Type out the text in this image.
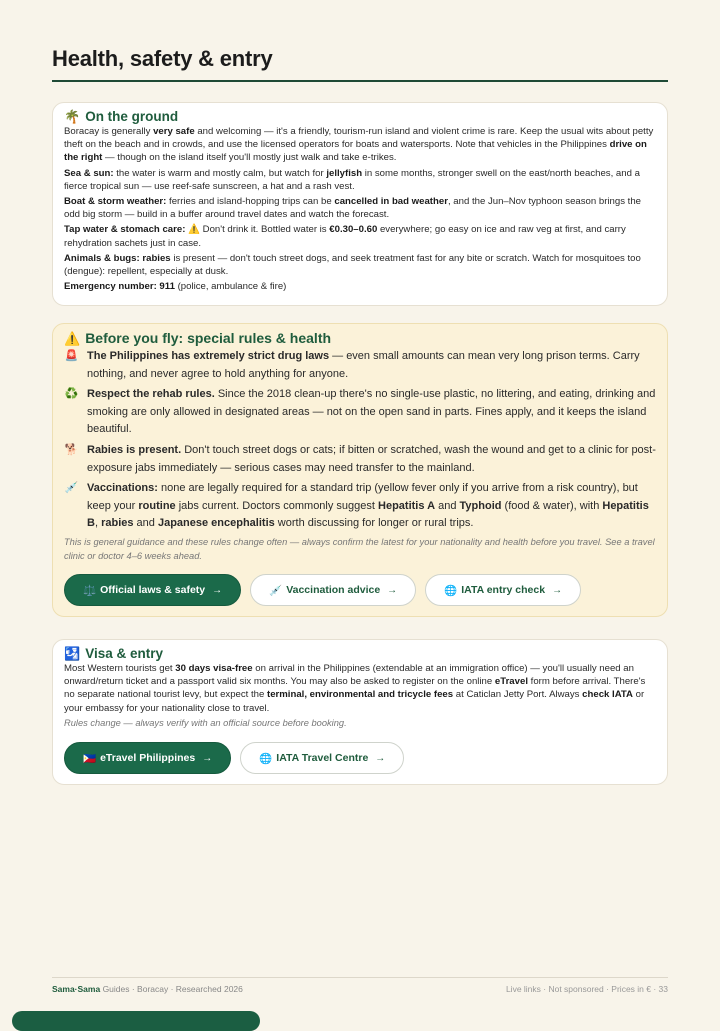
Health, safety & entry
🌴 On the ground

Boracay is generally very safe and welcoming — it's a friendly, tourism-run island and violent crime is rare. Keep the usual wits about petty theft on the beach and in crowds, and use the licensed operators for boats and watersports. Note that vehicles in the Philippines drive on the right — though on the island itself you'll mostly just walk and take e-trikes.

Sea & sun: the water is warm and mostly calm, but watch for jellyfish in some months, stronger swell on the east/north beaches, and a fierce tropical sun — use reef-safe sunscreen, a hat and a rash vest.

Boat & storm weather: ferries and island-hopping trips can be cancelled in bad weather, and the Jun–Nov typhoon season brings the odd big storm — build in a buffer around travel dates and watch the forecast.

Tap water & stomach care: ⚠️ Don't drink it. Bottled water is €0.30–0.60 everywhere; go easy on ice and raw veg at first, and carry rehydration sachets just in case.

Animals & bugs: rabies is present — don't touch street dogs, and seek treatment fast for any bite or scratch. Watch for mosquitoes too (dengue): repellent, especially at dusk.

Emergency number: 911 (police, ambulance & fire)

⚠️ Before you fly: special rules & health
🚨 The Philippines has extremely strict drug laws — even small amounts can mean very long prison terms. Carry nothing, and never agree to hold anything for anyone.
♻️ Respect the rehab rules. Since the 2018 clean-up there's no single-use plastic, no littering, and eating, drinking and smoking are only allowed in designated areas — not on the open sand in parts. Fines apply, and it keeps the island beautiful.
🐕 Rabies is present. Don't touch street dogs or cats; if bitten or scratched, wash the wound and get to a clinic for post-exposure jabs immediately — serious cases may need transfer to the mainland.
💉 Vaccinations: none are legally required for a standard trip (yellow fever only if you arrive from a risk country), but keep your routine jabs current. Doctors commonly suggest Hepatitis A and Typhoid (food & water), with Hepatitis B, rabies and Japanese encephalitis worth discussing for longer or rural trips.

This is general guidance and these rules change often — always confirm the latest for your nationality and health before you travel. See a travel clinic or doctor 4–6 weeks ahead.

⚖️ Official laws & safety →	💉 Vaccination advice →	🌐 IATA entry check →
🛂 Visa & entry

Most Western tourists get 30 days visa-free on arrival in the Philippines (extendable at an immigration office) — you'll usually need an onward/return ticket and a passport valid six months. You may also be asked to register on the online eTravel form before arrival. There's no separate national tourist levy, but expect the terminal, environmental and tricycle fees at Caticlan Jetty Port. Always check IATA or your embassy for your nationality close to travel.

Rules change — always verify with an official source before booking.

🇵🇭 eTravel Philippines →	🌐 IATA Travel Centre →
Sama·Sama Guides · Boracay · Researched 2026	Live links · Not sponsored · Prices in € · 33
